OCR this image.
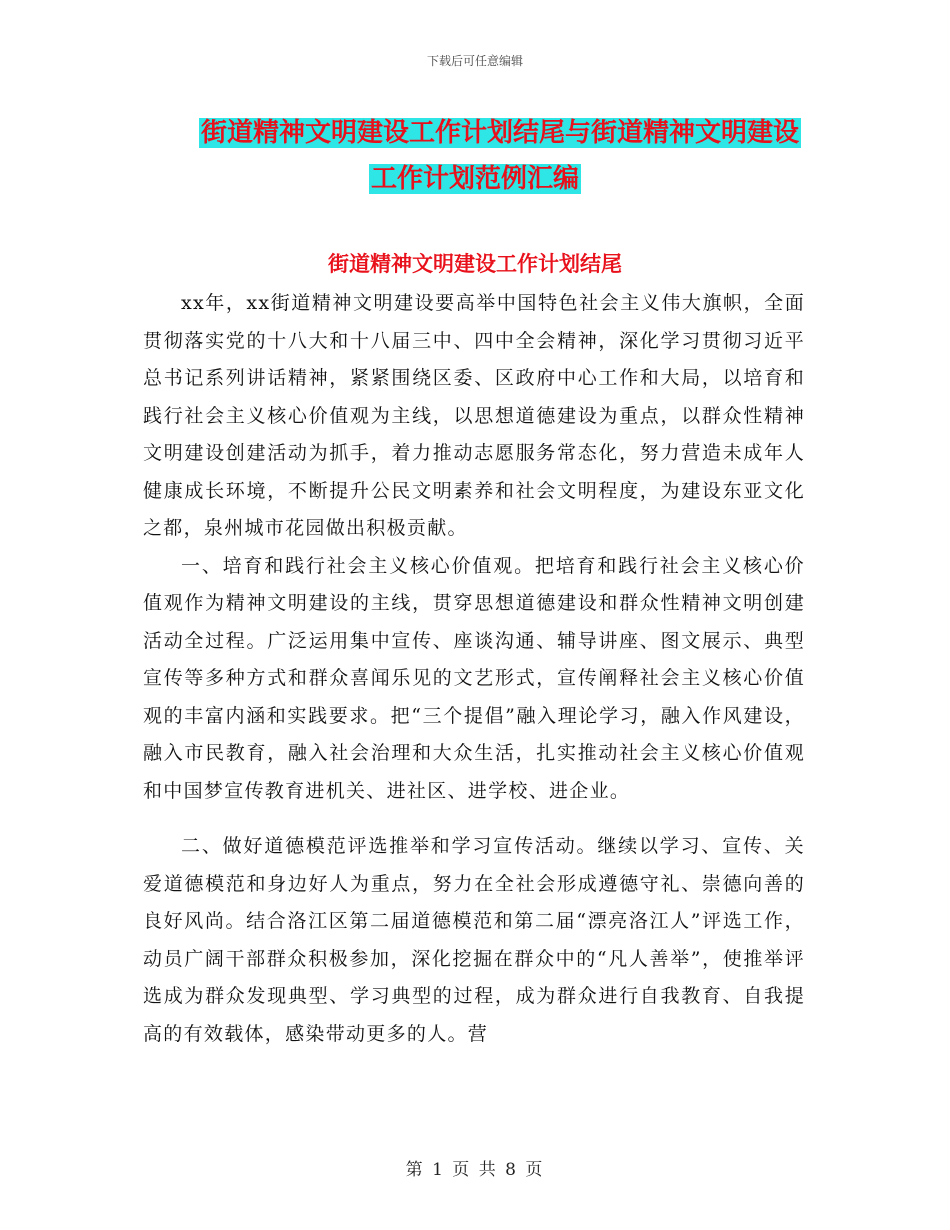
下载后可任意编辑
街道精神文明建设工作计划结尾与街道精神文明建设
工作计划范例汇编
街道精神文明建设工作计划结尾

xx年，xx街道精神文明建设要高举中国特色社会主义伟大旗帜，全面贯彻落实党的十八大和十八届三中、四中全会精神，深化学习贯彻习近平总书记系列讲话精神，紧紧围绕区委、区政府中心工作和大局，以培育和践行社会主义核心价值观为主线，以思想道德建设为重点，以群众性精神文明建设创建活动为抓手，着力推动志愿服务常态化，努力营造未成年人健康成长环境，不断提升公民文明素养和社会文明程度，为建设东亚文化之都，泉州城市花园做出积极贡献。

一、培育和践行社会主义核心价值观。把培育和践行社会主义核心价值观作为精神文明建设的主线，贯穿思想道德建设和群众性精神文明创建活动全过程。广泛运用集中宣传、座谈沟通、辅导讲座、图文展示、典型宣传等多种方式和群众喜闻乐见的文艺形式，宣传阐释社会主义核心价值观的丰富内涵和实践要求。把“三个提倡”融入理论学习，融入作风建设，融入市民教育，融入社会治理和大众生活，扎实推动社会主义核心价值观和中国梦宣传教育进机关、进社区、进学校、进企业。

二、做好道德模范评选推举和学习宣传活动。继续以学习、宣传、关爱道德模范和身边好人为重点，努力在全社会形成遵德守礼、崇德向善的良好风尚。结合洛江区第二届道德模范和第二届“漂亮洛江人”评选工作，动员广阔干部群众积极参加，深化挖掘在群众中的“凡人善举”，使推举评选成为群众发现典型、学习典型的过程，成为群众进行自我教育、自我提高的有效载体，感染带动更多的人。营

第 1 页 共 8 页
